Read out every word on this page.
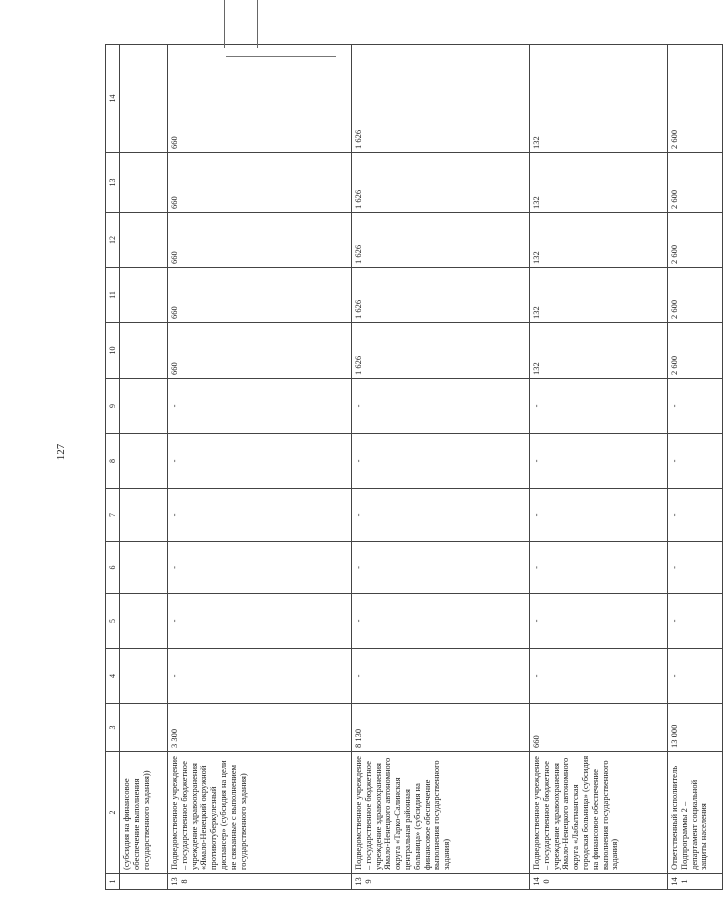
127
1	2	3	4	5	6	7	8	9	10	11	12	13	14
	(субсидия на финансовое обеспечение выполнения государственного задания))												
138	Подведомственное учреждение – государственное бюджетное учреждение здравоохранения «Ямало-Ненецкий окружной противотуберкулезный диспансер» (субсидия на цели не связанные с выполнением государственного задания)	3 300	-	-	-	-	-	-	660	660	660	660	660
139	Подведомственное учреждение – государственное бюджетное учреждение здравоохранения Ямало-Ненецкого автономного округа «Тарко-Салинская центральная районная больница» (субсидия на финансовое обеспечение выполнения государственного задания)	8 130	-	-	-	-	-	-	1 626	1 626	1 626	1 626	1 626
140	Подведомственное учреждение – государственное бюджетное учреждение здравоохранения Ямало-Ненецкого автономного округа «Лабытнангская городская больница» (субсидия на финансовое обеспечение выполнения государственного задания)	660	-	-	-	-	-	-	132	132	132	132	132
141	Ответственный исполнитель Подпрограммы 2 – департамент социальной защиты населения	13 000	-	-	-	-	-	-	2 600	2 600	2 600	2 600	2 600
